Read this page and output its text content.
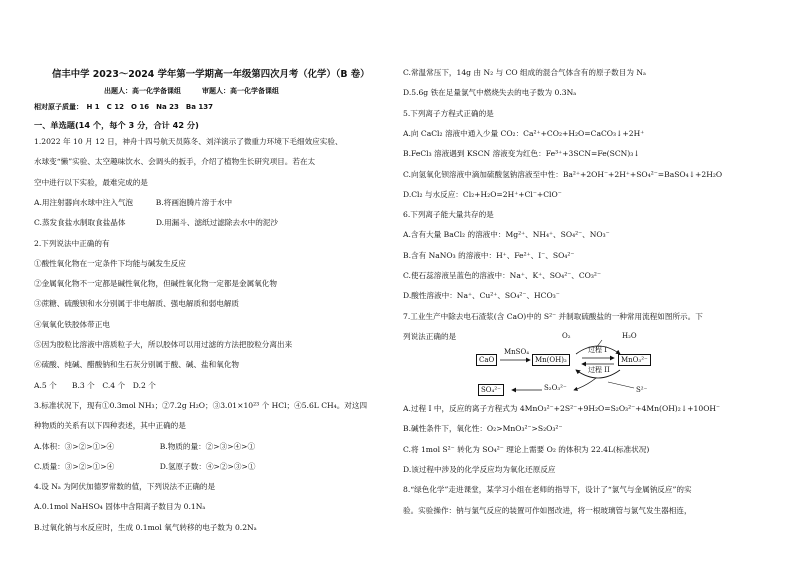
信丰中学 2023～2024 学年第一学期高一年级第四次月考（化学）（B 卷）
出题人：高一化学备课组　　　审题人：高一化学备课组
相对原子质量：　H 1　C 12　O 16　Na 23　Ba 137
一、单选题(14 个，每个 3 分，合计 42 分)
1.2022 年 10 月 12 日，神舟十四号航天员陈冬、刘洋演示了微重力环境下毛细效应实验、
水球变“懒”实验、太空趣味饮水、会调头的扳手，介绍了植物生长研究项目。若在太
空中进行以下实验，最难完成的是
A.用注射器向水球中注入气泡　　　B.将画泡腾片溶于水中
C.蒸发食盐水制取食盐晶体　　　　D.用漏斗、滤纸过滤除去水中的泥沙
2.下列说法中正确的有
①酸性氧化物在一定条件下均能与碱发生反应
②金属氧化物不一定都是碱性氧化物，但碱性氧化物一定都是金属氧化物
③蔗糖、硫酸钡和水分别属于非电解质、强电解质和弱电解质
④氧氧化铁胶体带正电
⑤因为胶粒比溶液中溶质粒子大，所以胶体可以用过滤的方法把胶粒分离出来
⑥硫酸、纯碱、醋酸钠和生石灰分别属于酸、碱、盐和氧化物
A.5 个　　B.3 个　C.4 个　D.2 个
3.标准状况下，现有①0.3mol NH₃；②7.2g H₂O；③3.01×10²³ 个 HCl；④5.6L CH₄。对这四
种物质的关系有以下四种表述，其中正确的是
A.体积：③>②>①>④　　　　　　B.物质的量：②>③>④>①
C.质量：③>②>①>④　　　　　　D.氢原子数：④>②>③>①
4.设 Nₐ 为阿伏加德罗常数的值，下列说法不正确的是
A.0.1mol NaHSO₄ 固体中含阳离子数目为 0.1Nₐ
B.过氧化钠与水反应时，生成 0.1mol 氧气转移的电子数为 0.2Nₐ
C.常温常压下，14g 由 N₂ 与 CO 组成的混合气体含有的原子数目为 Nₐ
D.5.6g 铁在足量氯气中燃烧失去的电子数为 0.3Nₐ
5.下列离子方程式正确的是
A.向 CaCl₂ 溶液中通入少量 CO₂：Ca²⁺+CO₂+H₂O=CaCO₃↓+2H⁺
B.FeCl₃ 溶液遇到 KSCN 溶液变为红色：Fe³⁺+3SCN=Fe(SCN)₃↓
C.向氢氧化钡溶液中滴加硫酸氢钠溶液至中性：Ba²⁺+2OH⁻+2H⁺+SO₄²⁻=BaSO₄↓+2H₂O
D.Cl₂ 与水反应：Cl₂+H₂O=2H⁺+Cl⁻+ClO⁻
6.下列离子能大量共存的是
A.含有大量 BaCl₂ 的溶液中：Mg²⁺、NH₄⁺、SO₄²⁻、NO₃⁻
B.含有 NaNO₃ 的溶液中：H⁺、Fe²⁺、I⁻、SO₄²⁻
C.使石蕊溶液呈蓝色的溶液中：Na⁺、K⁺、SO₄²⁻、CO₃²⁻
D.酸性溶液中：Na⁺、Cu²⁺、SO₄²⁻、HCO₃⁻
7.工业生产中除去电石渣浆(含 CaO)中的 S²⁻ 并制取硫酸盐的一种常用流程如图所示。下
列说法正确的是
CaO
MnSO₄
Mn(OH)₂	MnO₃²⁻
O₂	H₂O
过程 I
过程 II
SO₄²⁻	S₂O₃²⁻	S²⁻
A.过程 I 中，反应的离子方程式为 4MnO₃²⁻+2S²⁻+9H₂O=S₂O₃²⁻+4Mn(OH)₂↓+10OH⁻
B.碱性条件下，氧化性：O₂>MnO₃²⁻>S₂O₃²⁻
C.将 1mol S²⁻ 转化为 SO₄²⁻ 理论上需要 O₂ 的体积为 22.4L(标准状况)
D.该过程中涉及的化学反应均为氧化还原反应
8.“绿色化学”走进课堂，某学习小组在老师的指导下，设计了“氯气与金属钠反应”的实
验。实验操作：钠与氯气反应的装置可作如图改进，将一根玻璃管与氯气发生器相连，
